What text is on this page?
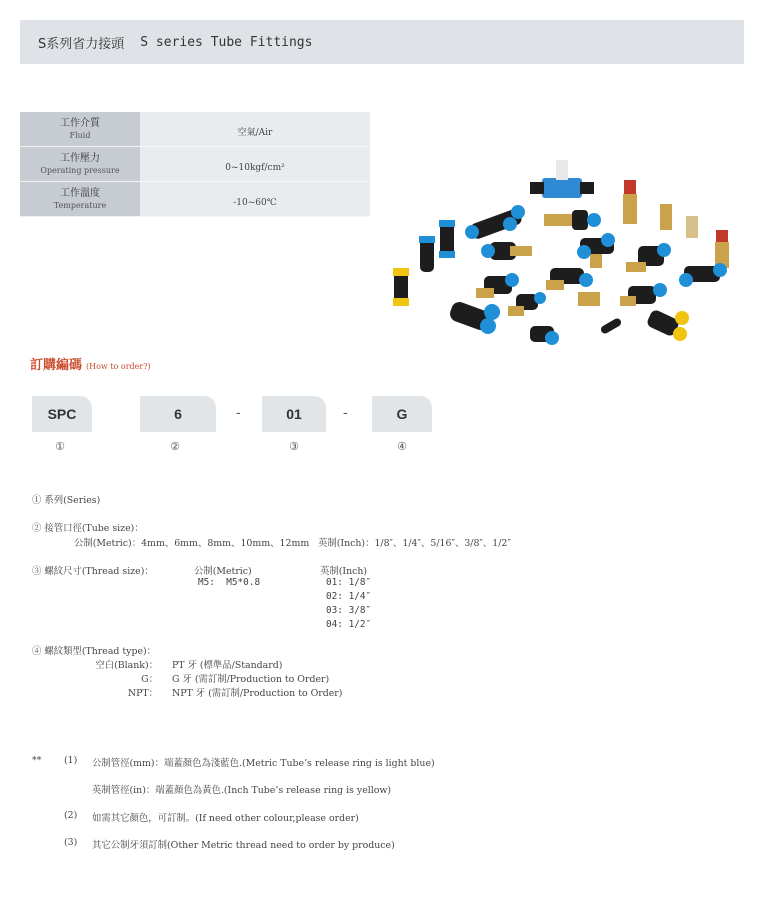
S系列省力接頭 S series Tube Fittings
工作介質
Fluid	空氣/Air

工作壓力
Operating pressure	0~10kgf/cm²

工作溫度
Temperature	-10~60℃
訂購編碼 (How to order?)
SPC	6	-	01	-	G
①	②	③	④
① 系列(Series)
② 接管口徑(Tube size)：
公制(Metric)：4mm、6mm、8mm、10mm、12mm 英制(Inch)：1/8″、1/4″、5/16″、3/8″、1/2″
③ 螺紋尺寸(Thread size)：	公制(Metric)
M5:  M5*0.8
英制(Inch)
01: 1/8″
02: 1/4″
03: 3/8″
04: 1/2″
④ 螺紋類型(Thread type)：
空白(Blank)： PT 牙 (標準品/Standard)
G： G 牙 (需訂制/Production to Order)
NPT： NPT 牙 (需訂制/Production to Order)
** (1) 公制管徑(mm)：端蓋顏色為淺藍色.(Metric Tube’s release ring is light blue)
英制管徑(in)：端蓋顏色為黃色.(Inch Tube’s release ring is yellow)
(2) 如需其它顏色，可訂制。(If need other colour,please order)
(3) 其它公制牙須訂制(Other Metric thread need to order by produce)
